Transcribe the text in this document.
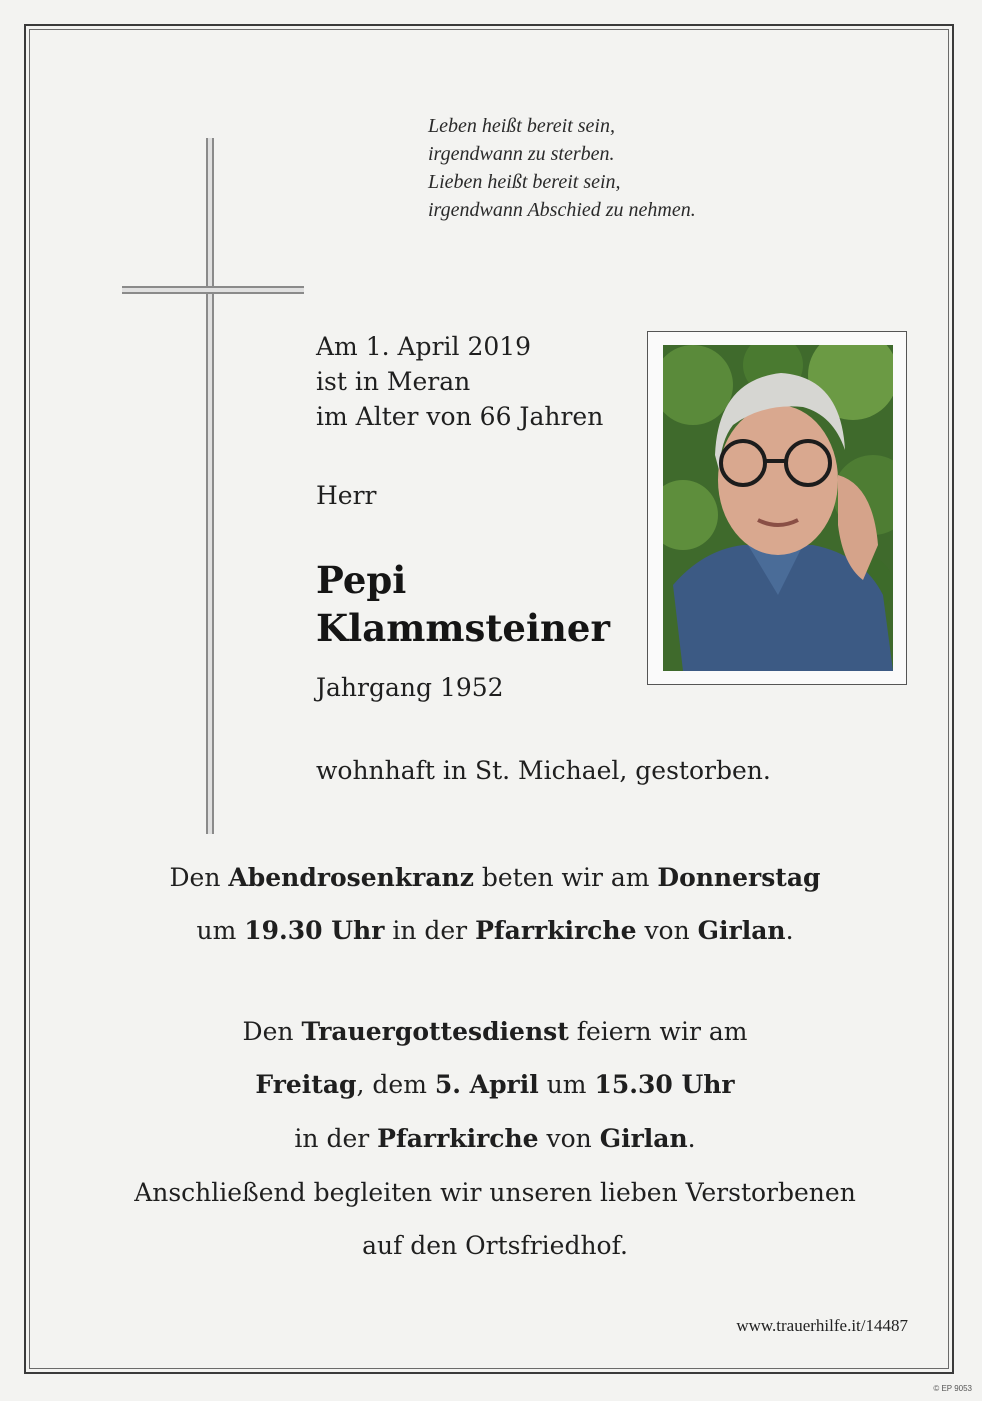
Leben heißt bereit sein,
irgendwann zu sterben.
Lieben heißt bereit sein,
irgendwann Abschied zu nehmen.
Am 1. April 2019
ist in Meran
im Alter von 66 Jahren
Herr
Pepi
Klammsteiner
Jahrgang 1952
wohnhaft in St. Michael, gestorben.
Den Abendrosenkranz beten wir am Donnerstag
um 19.30 Uhr in der Pfarrkirche von Girlan.
Den Trauergottesdienst feiern wir am
Freitag, dem 5. April um 15.30 Uhr
in der Pfarrkirche von Girlan.
Anschließend begleiten wir unseren lieben Verstorbenen
auf den Ortsfriedhof.
www.trauerhilfe.it/14487
© EP 9053
